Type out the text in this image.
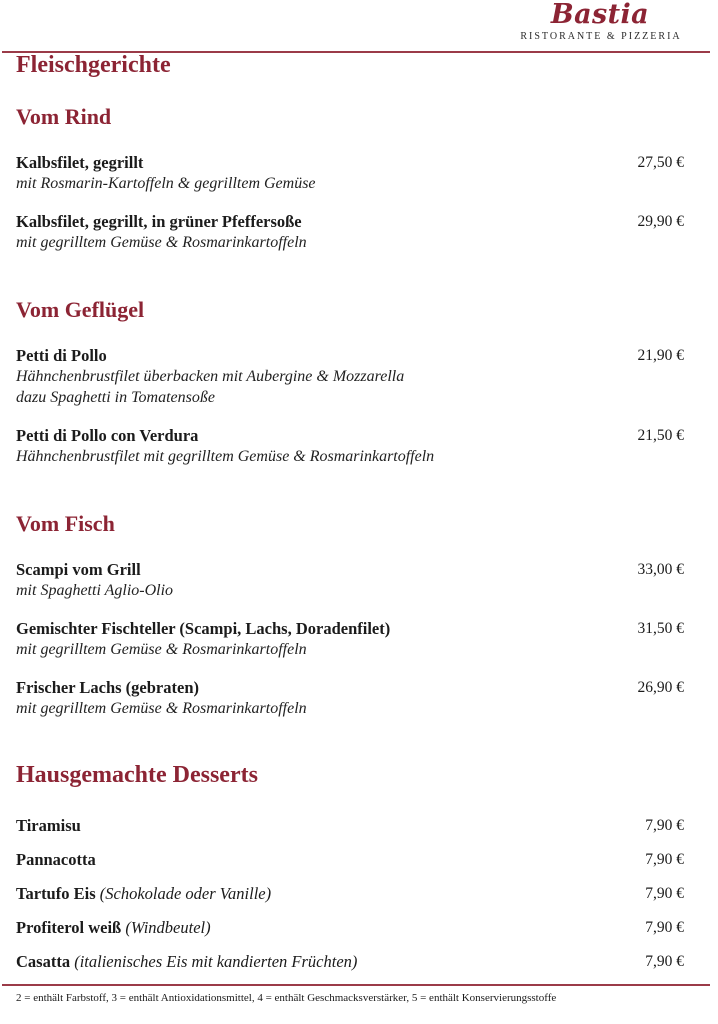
Bastia
RISTORANTE & PIZZERIA
Fleischgerichte
Vom Rind
Kalbsfilet, gegrillt
mit Rosmarin-Kartoffeln & gegrilltem Gemüse
27,50 €
Kalbsfilet, gegrillt, in grüner Pfeffersoße
mit gegrilltem Gemüse & Rosmarinkartoffeln
29,90 €
Vom Geflügel
Petti di Pollo
Hähnchenbrustfilet überbacken mit Aubergine & Mozzarella
dazu Spaghetti in Tomatensoße
21,90 €
Petti di Pollo con Verdura
Hähnchenbrustfilet mit gegrilltem Gemüse & Rosmarinkartoffeln
21,50 €
Vom Fisch
Scampi vom Grill
mit Spaghetti Aglio-Olio
33,00 €
Gemischter Fischteller (Scampi, Lachs, Doradenfilet)
mit gegrilltem Gemüse & Rosmarinkartoffeln
31,50 €
Frischer Lachs (gebraten)
mit gegrilltem Gemüse & Rosmarinkartoffeln
26,90 €
Hausgemachte Desserts
Tiramisu	7,90 €
Pannacotta	7,90 €
Tartufo Eis (Schokolade oder Vanille)	7,90 €
Profiterol weiß (Windbeutel)	7,90 €
Casatta (italienisches Eis mit kandierten Früchten)	7,90 €
2 = enthält Farbstoff, 3 = enthält Antioxidationsmittel, 4 = enthält Geschmacksverstärker, 5 = enthält Konservierungsstoffe
